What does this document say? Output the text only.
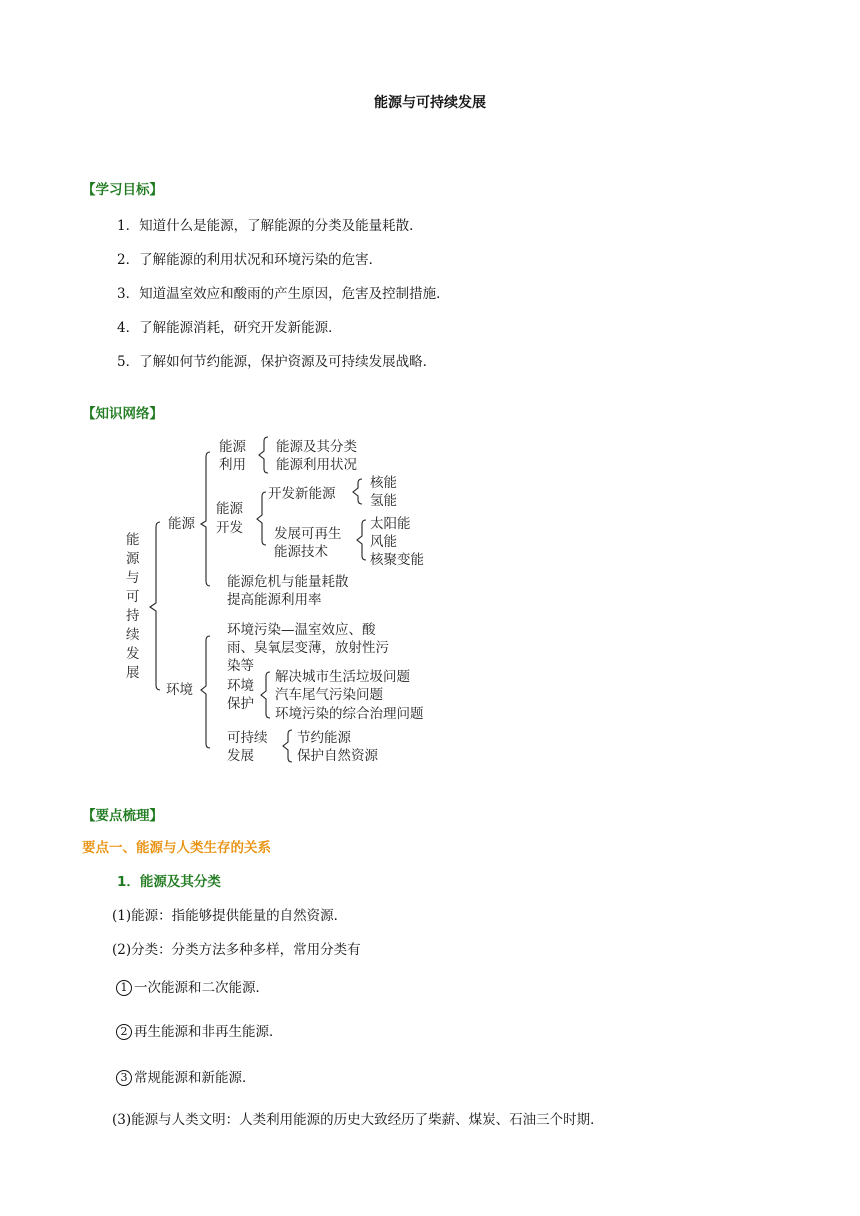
能源与可持续发展
【学习目标】
1．知道什么是能源，了解能源的分类及能量耗散．
2．了解能源的利用状况和环境污染的危害．
3．知道温室效应和酸雨的产生原因，危害及控制措施．
4．了解能源消耗，研究开发新能源．
5．了解如何节约能源，保护资源及可持续发展战略．
【知识网络】
能
源
与
可
持
续
发
展
能源
能源
利用
能源及其分类
能源利用状况
能源
开发
开发新能源
核能
氢能
发展可再生
能源技术
太阳能
风能
核聚变能
能源危机与能量耗散
提高能源利用率
环境
环境污染—温室效应、酸
雨、臭氧层变薄，放射性污
染等
环境
保护
解决城市生活垃圾问题
汽车尾气污染问题
环境污染的综合治理问题
可持续
发展
节约能源
保护自然资源
【要点梳理】
要点一、能源与人类生存的关系
1．能源及其分类
(1)能源：指能够提供能量的自然资源．
(2)分类：分类方法多种多样，常用分类有
1 一次能源和二次能源．
2 再生能源和非再生能源．
3 常规能源和新能源．
(3)能源与人类文明：人类利用能源的历史大致经历了柴薪、煤炭、石油三个时期．
